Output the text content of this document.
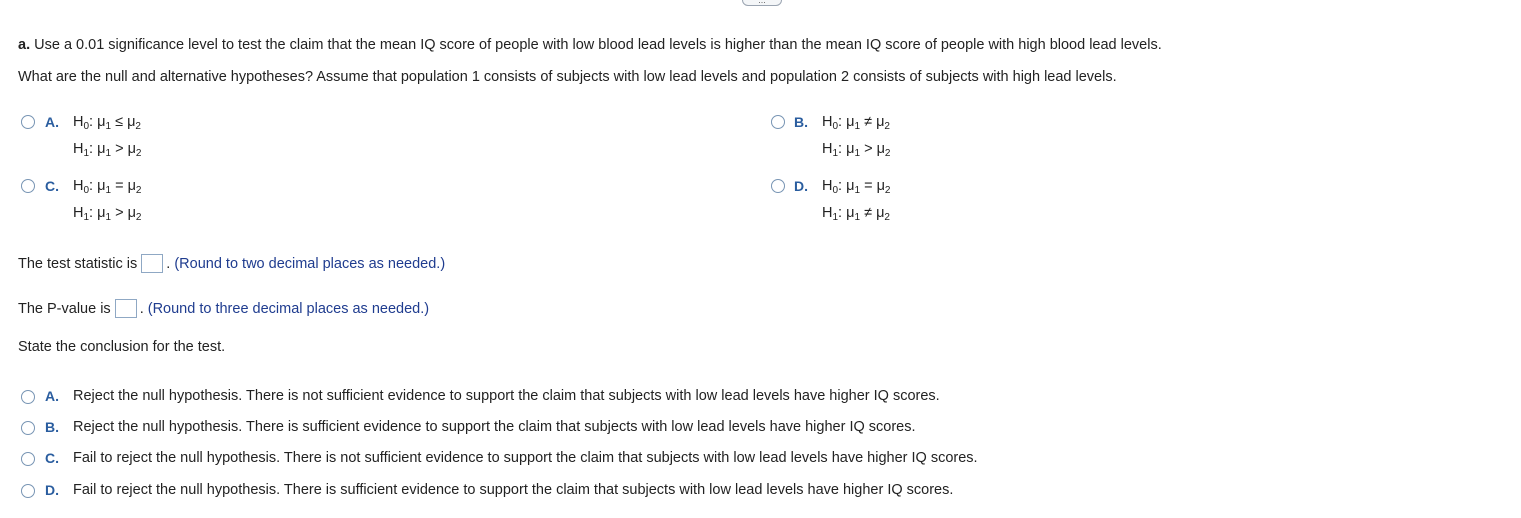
...
a. Use a 0.01 significance level to test the claim that the mean IQ score of people with low blood lead levels is higher than the mean IQ score of people with high blood lead levels.
What are the null and alternative hypotheses? Assume that population 1 consists of subjects with low lead levels and population 2 consists of subjects with high lead levels.
A. $H_0$: $\mu_1 \le \mu_2$
$H_1$: $\mu_1 > \mu_2$
B. $H_0$: $\mu_1 \ne \mu_2$
$H_1$: $\mu_1 > \mu_2$
C. $H_0$: $\mu_1 = \mu_2$
$H_1$: $\mu_1 > \mu_2$
D. $H_0$: $\mu_1 = \mu_2$
$H_1$: $\mu_1 \ne \mu_2$
The test statistic is . (Round to two decimal places as needed.)
The P-value is . (Round to three decimal places as needed.)
State the conclusion for the test.
A. Reject the null hypothesis. There is not sufficient evidence to support the claim that subjects with low lead levels have higher IQ scores.
B. Reject the null hypothesis. There is sufficient evidence to support the claim that subjects with low lead levels have higher IQ scores.
C. Fail to reject the null hypothesis. There is not sufficient evidence to support the claim that subjects with low lead levels have higher IQ scores.
D. Fail to reject the null hypothesis. There is sufficient evidence to support the claim that subjects with low lead levels have higher IQ scores.
